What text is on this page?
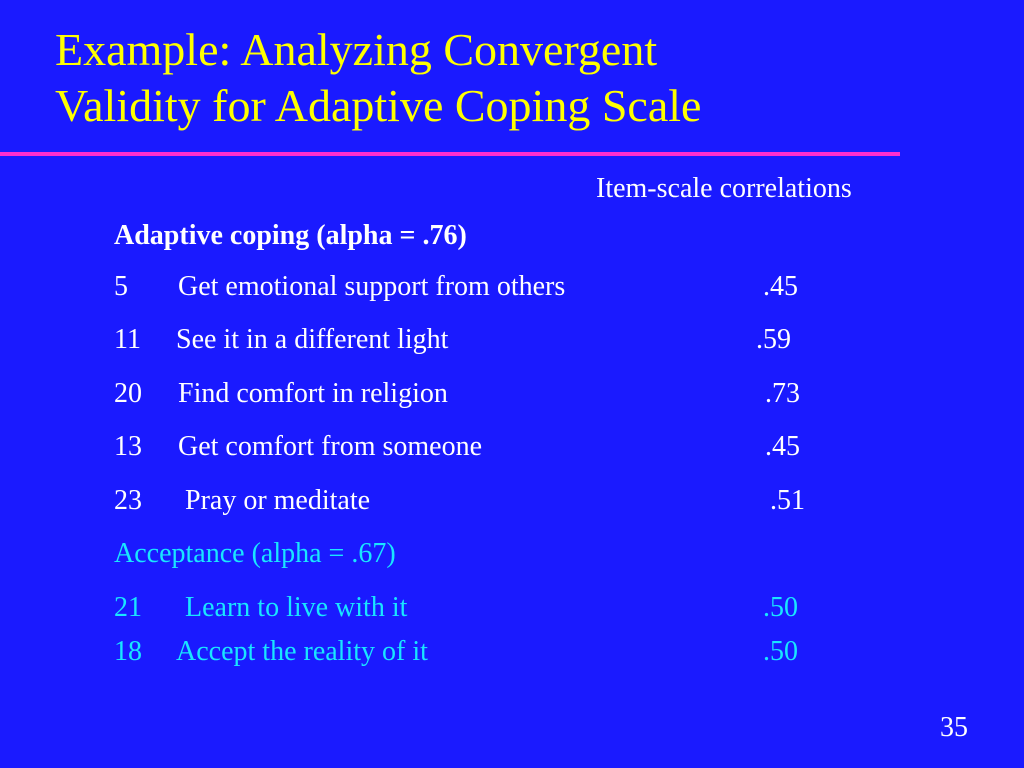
Example: Analyzing Convergent
Validity for Adaptive Coping Scale
Item-scale correlations
Adaptive coping (alpha = .76)
5 Get emotional support from others	.45
11 See it in a different light	.59
20 Find comfort in religion	.73
13 Get comfort from someone	.45
23 Pray or meditate	.51
Acceptance (alpha = .67)
21 Learn to live with it	.50
18 Accept the reality of it	.50
35
